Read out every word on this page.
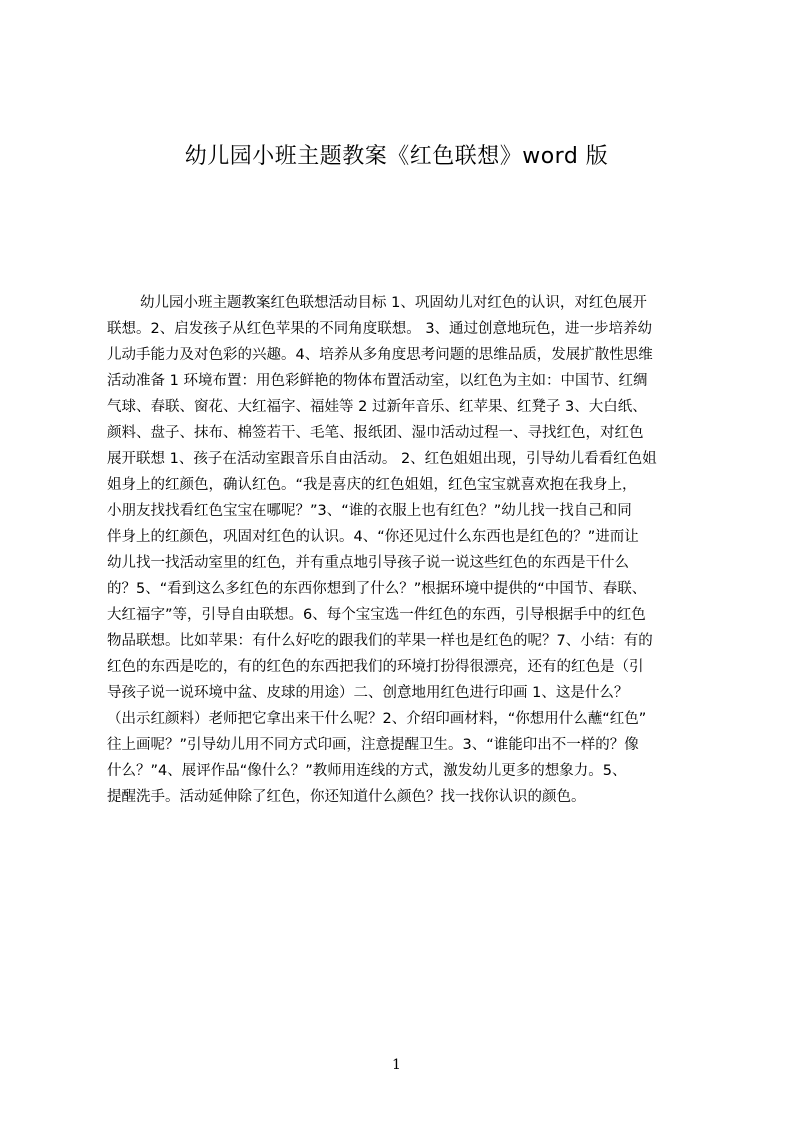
幼儿园小班主题教案《红色联想》word 版

幼儿园小班主题教案红色联想活动目标 1、巩固幼儿对红色的认识，对红色展开
联想。2、启发孩子从红色苹果的不同角度联想。 3、通过创意地玩色，进一步培养幼
儿动手能力及对色彩的兴趣。4、培养从多角度思考问题的思维品质，发展扩散性思维
活动准备 1 环境布置：用色彩鲜艳的物体布置活动室，以红色为主如：中国节、红绸
气球、春联、窗花、大红福字、福娃等 2 过新年音乐、红苹果、红凳子 3、大白纸、
颜料、盘子、抹布、棉签若干、毛笔、报纸团、湿巾活动过程一、寻找红色，对红色
展开联想 1、孩子在活动室跟音乐自由活动。 2、红色姐姐出现，引导幼儿看看红色姐
姐身上的红颜色，确认红色。“我是喜庆的红色姐姐，红色宝宝就喜欢抱在我身上，
小朋友找找看红色宝宝在哪呢？”3、“谁的衣服上也有红色？”幼儿找一找自己和同
伴身上的红颜色，巩固对红色的认识。4、“你还见过什么东西也是红色的？”进而让
幼儿找一找活动室里的红色，并有重点地引导孩子说一说这些红色的东西是干什么
的？5、“看到这么多红色的东西你想到了什么？”根据环境中提供的“中国节、春联、
大红福字”等，引导自由联想。6、每个宝宝选一件红色的东西，引导根据手中的红色
物品联想。比如苹果：有什么好吃的跟我们的苹果一样也是红色的呢？7、小结：有的
红色的东西是吃的，有的红色的东西把我们的环境打扮得很漂亮，还有的红色是（引
导孩子说一说环境中盆、皮球的用途）二、创意地用红色进行印画 1、这是什么？
（出示红颜料）老师把它拿出来干什么呢？2、介绍印画材料，“你想用什么蘸“红色”
往上画呢？”引导幼儿用不同方式印画，注意提醒卫生。3、“谁能印出不一样的？像
什么？”4、展评作品“像什么？”教师用连线的方式，激发幼儿更多的想象力。5、
提醒洗手。活动延伸除了红色，你还知道什么颜色？找一找你认识的颜色。

1
